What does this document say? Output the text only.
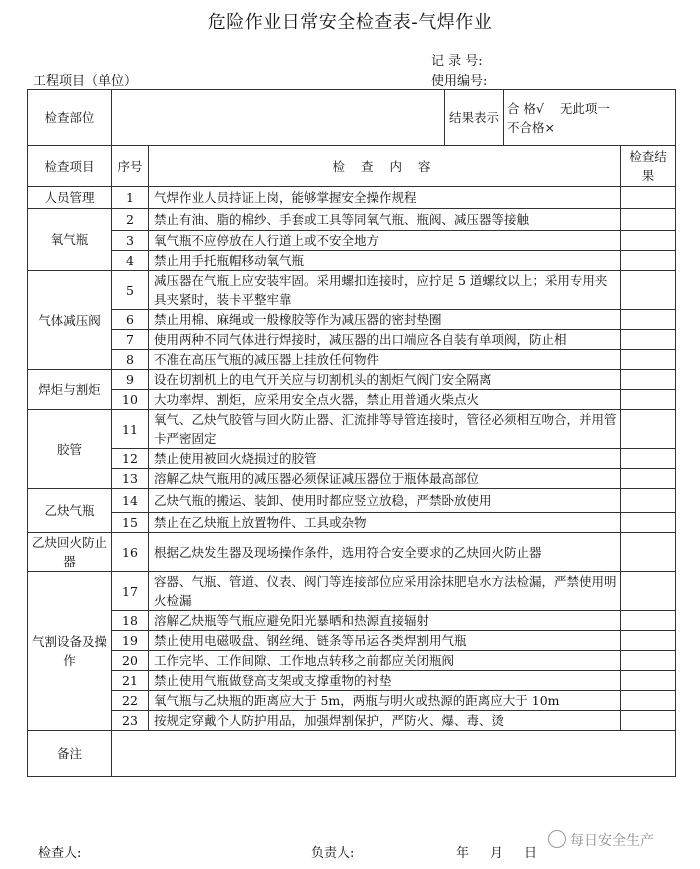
危险作业日常安全检查表-气焊作业
记 录 号:
使用编号:
工程项目（单位）
检查部位			结果表示	合 格√ 无此项一
不合格×	

检查项目	序号	检 查 内 容			检查结果
人员管理	1	气焊作业人员持证上岗，能够掌握安全操作规程			
氧气瓶	2	禁止有油、脂的棉纱、手套或工具等同氧气瓶、瓶阀、减压器等接触			
	3	氧气瓶不应停放在人行道上或不安全地方			
	4	禁止用手托瓶帽移动氧气瓶			
气体减压阀	5	减压器在气瓶上应安装牢固。采用螺扣连接时，应拧足 5 道螺纹以上；采用专用夹具夹紧时，装卡平整牢靠			
	6	禁止用棉、麻绳或一般橡胶等作为减压器的密封垫圈			
	7	使用两种不同气体进行焊接时，减压器的出口端应各自装有单项阀，防止相			
	8	不准在高压气瓶的减压器上挂放任何物件			
焊炬与割炬	9	设在切割机上的电气开关应与切割机头的割炬气阀门安全隔离			
	10	大功率焊、割炬，应采用安全点火器，禁止用普通火柴点火			
胶管	11	氧气、乙炔气胶管与回火防止器、汇流排等导管连接时，管径必须相互吻合，并用管卡严密固定			
	12	禁止使用被回火烧损过的胶管			
	13	溶解乙炔气瓶用的减压器必须保证减压器位于瓶体最高部位			
乙炔气瓶	14	乙炔气瓶的搬运、装卸、使用时都应竖立放稳，严禁卧放使用			
	15	禁止在乙炔瓶上放置物件、工具或杂物			
乙炔回火防止器	16	根据乙炔发生器及现场操作条件，选用符合安全要求的乙炔回火防止器			
气割设备及操作	17	容器、气瓶、管道、仪表、阀门等连接部位应采用涂抹肥皂水方法检漏，严禁使用明火检漏			
	18	溶解乙炔瓶等气瓶应避免阳光暴晒和热源直接辐射			
	19	禁止使用电磁吸盘、钢丝绳、链条等吊运各类焊割用气瓶			
	20	工作完毕、工作间隙、工作地点转移之前都应关闭瓶阀			
	21	禁止使用气瓶做登高支架或支撑重物的衬垫			
	22	氧气瓶与乙炔瓶的距离应大于 5m，两瓶与明火或热源的距离应大于 10m			
	23	按规定穿戴个人防护用品，加强焊割保护，严防火、爆、毒、烫			
备注					
检查人:	负责人:	年 月 日
每日安全生产
